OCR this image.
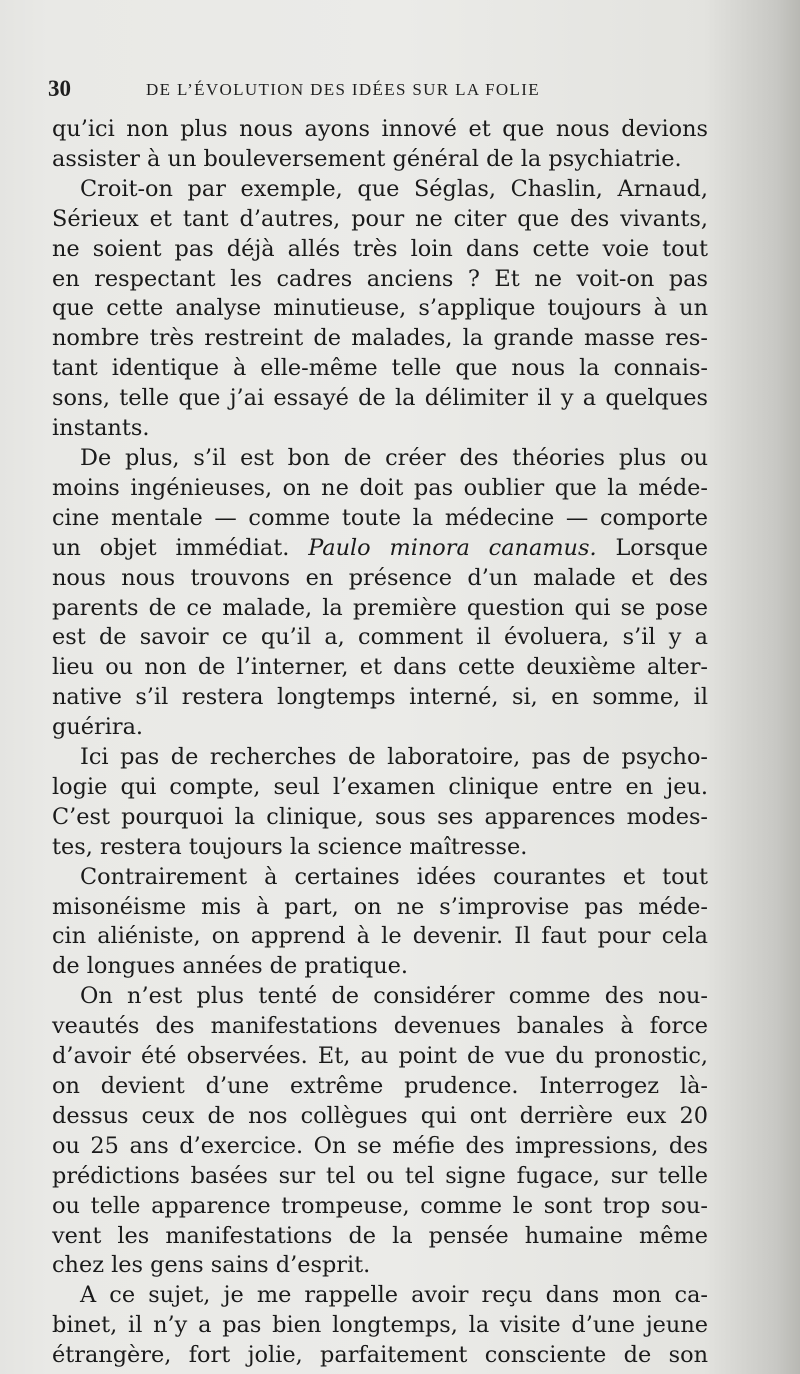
30	DE L’ÉVOLUTION DES IDÉES SUR LA FOLIE
qu’ici non plus nous ayons innové et que nous devions
assister à un bouleversement général de la psychiatrie.
Croit-on par exemple, que Séglas, Chaslin, Arnaud,
Sérieux et tant d’autres, pour ne citer que des vivants,
ne soient pas déjà allés très loin dans cette voie tout
en respectant les cadres anciens ? Et ne voit-on pas
que cette analyse minutieuse, s’applique toujours à un
nombre très restreint de malades, la grande masse res-
tant identique à elle-même telle que nous la connais-
sons, telle que j’ai essayé de la délimiter il y a quelques
instants.
De plus, s’il est bon de créer des théories plus ou
moins ingénieuses, on ne doit pas oublier que la méde-
cine mentale — comme toute la médecine — comporte
un objet immédiat. Paulo minora canamus. Lorsque
nous nous trouvons en présence d’un malade et des
parents de ce malade, la première question qui se pose
est de savoir ce qu’il a, comment il évoluera, s’il y a
lieu ou non de l’interner, et dans cette deuxième alter-
native s’il restera longtemps interné, si, en somme, il
guérira.
Ici pas de recherches de laboratoire, pas de psycho-
logie qui compte, seul l’examen clinique entre en jeu.
C’est pourquoi la clinique, sous ses apparences modes-
tes, restera toujours la science maîtresse.
Contrairement à certaines idées courantes et tout
misonéisme mis à part, on ne s’improvise pas méde-
cin aliéniste, on apprend à le devenir. Il faut pour cela
de longues années de pratique.
On n’est plus tenté de considérer comme des nou-
veautés des manifestations devenues banales à force
d’avoir été observées. Et, au point de vue du pronostic,
on devient d’une extrême prudence. Interrogez là-
dessus ceux de nos collègues qui ont derrière eux 20
ou 25 ans d’exercice. On se méfie des impressions, des
prédictions basées sur tel ou tel signe fugace, sur telle
ou telle apparence trompeuse, comme le sont trop sou-
vent les manifestations de la pensée humaine même
chez les gens sains d’esprit.
A ce sujet, je me rappelle avoir reçu dans mon ca-
binet, il n’y a pas bien longtemps, la visite d’une jeune
étrangère, fort jolie, parfaitement consciente de son
